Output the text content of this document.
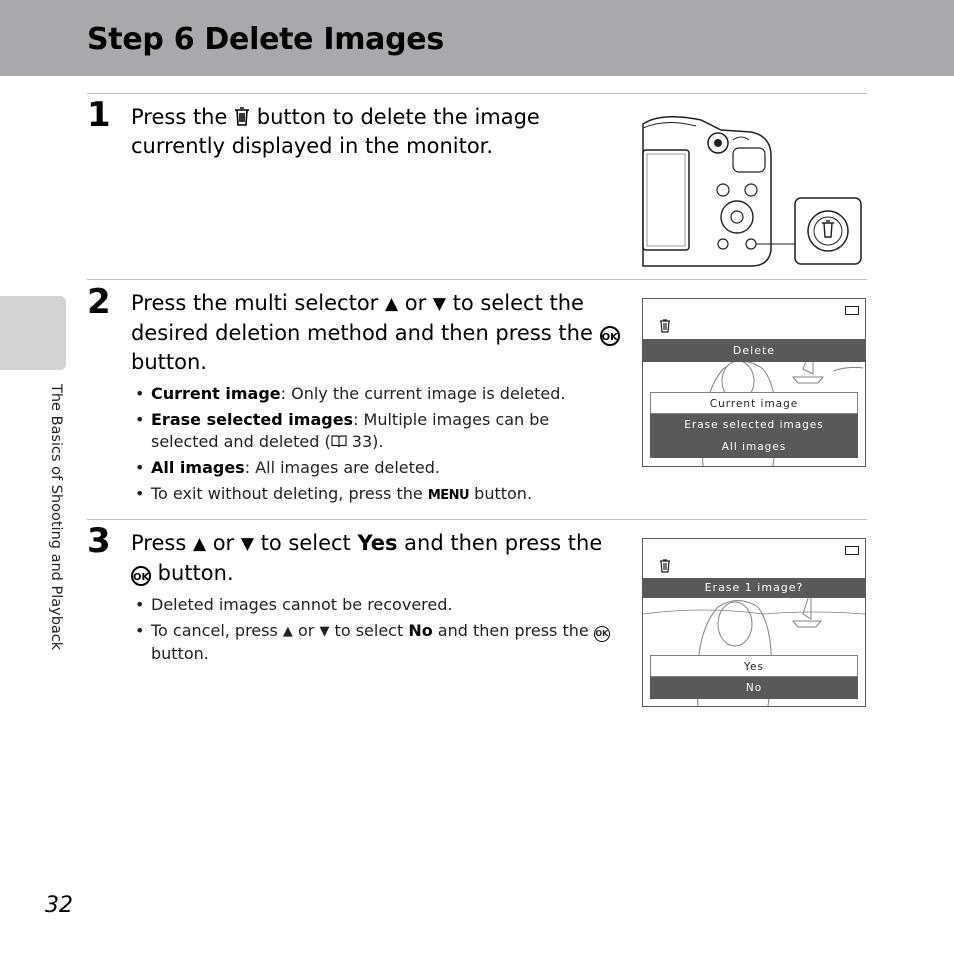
Step 6 Delete Images
The Basics of Shooting and Playback
1 Press the  button to delete the image currently displayed in the monitor.
2 Press the multi selector ▲ or ▼ to select the desired deletion method and then press the OK button.
• Current image: Only the current image is deleted.
• Erase selected images: Multiple images can be selected and deleted ( 33).
• All images: All images are deleted.
• To exit without deleting, press the MENU button.
Delete
Current image
Erase selected images
All images
3 Press ▲ or ▼ to select Yes and then press the OK button.
• Deleted images cannot be recovered.
• To cancel, press ▲ or ▼ to select No and then press the OK button.
Erase 1 image?
Yes
No
32
